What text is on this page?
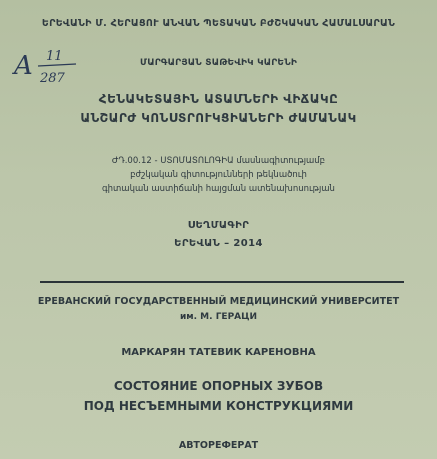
ԵՐԵՎԱՆԻ Մ. ՀԵՐԱՑՈՒ ԱՆՎԱՆ ՊԵՏԱԿԱՆ ԲԺՇԿԱԿԱՆ ՀԱՄԱԼՍԱՐԱՆ
A 11
287
ՄԱՐԳԱՐՅԱՆ ՏԱԹԵՎԻԿ ԿԱՐԵՆԻ
ՀԵՆԱԿԵՏԱՅԻՆ ԱՏԱՄՆԵՐԻ ՎԻՃԱԿԸ
ԱՆՇԱՐԺ ԿՈՆՍՏՐՈՒԿՑԻԱՆԵՐԻ ԺԱՄԱՆԱԿ
ԺԴ.00.12 - ՍՏՈՄԱՏՈԼՈԳԻԱ մասնագիտությամբ
բժշկական գիտությունների թեկնածուի
գիտական աստիճանի հայցման ատենախոսության
ՍԵՂՄԱԳԻՐ
ԵՐԵՎԱՆ – 2014
ЕРЕВАНСКИЙ ГОСУДАРСТВЕННЫЙ МЕДИЦИНСКИЙ УНИВЕРСИТЕТ
им. М. ГЕРАЦИ
МАРКАРЯН ТАТЕВИК КАРЕНОВНА
СОСТОЯНИЕ ОПОРНЫХ ЗУБОВ
ПОД НЕСЪЕМНЫМИ КОНСТРУКЦИЯМИ
АВТОРЕФЕРАТ
